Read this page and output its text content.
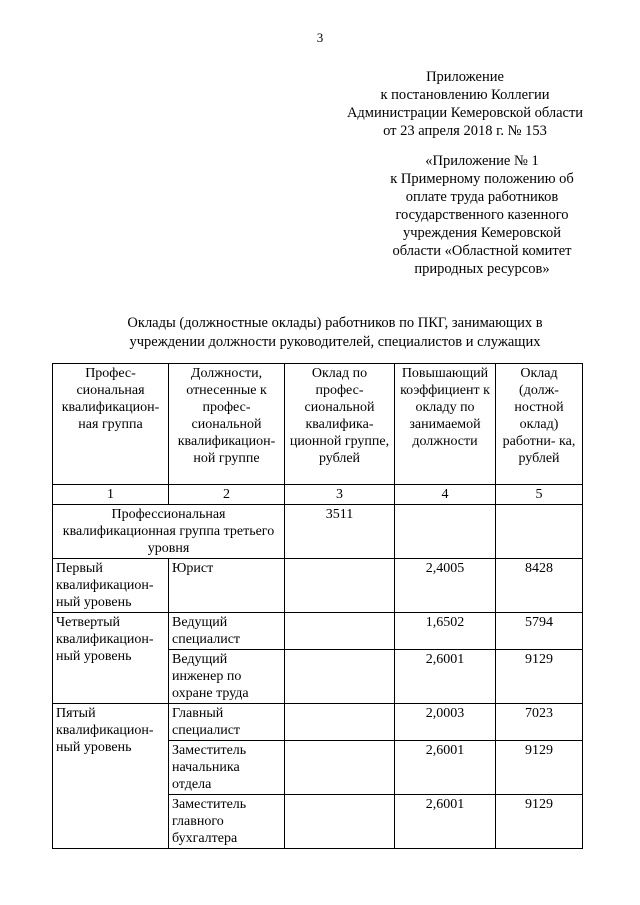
3
Приложение
к постановлению Коллегии
Администрации Кемеровской области
от 23 апреля 2018 г. № 153
«Приложение № 1
к Примерному положению об
оплате труда работников
государственного казенного
учреждения Кемеровской
области «Областной комитет
природных ресурсов»
Оклады (должностные оклады) работников по ПКГ, занимающих в
учреждении должности руководителей, специалистов и служащих
Профес- сиональная квалификацион- ная группа	Должности, отнесенные к профес- сиональной квалификацион- ной группе	Оклад по профес- сиональной квалифика- ционной группе, рублей	Повышающий коэффициент к окладу по занимаемой должности	Оклад (долж- ностной оклад) работни- ка, рублей
1	2	3	4	5
Профессиональная квалификационная группа третьего уровня		3511		
Первый квалификацион- ный уровень	Юрист		2,4005	8428
Четвертый квалификацион- ный уровень	Ведущий специалист		1,6502	5794
	Ведущий инженер по охране труда		2,6001	9129
Пятый квалификацион- ный уровень	Главный специалист		2,0003	7023
	Заместитель начальника отдела		2,6001	9129
	Заместитель главного бухгалтера		2,6001	9129
